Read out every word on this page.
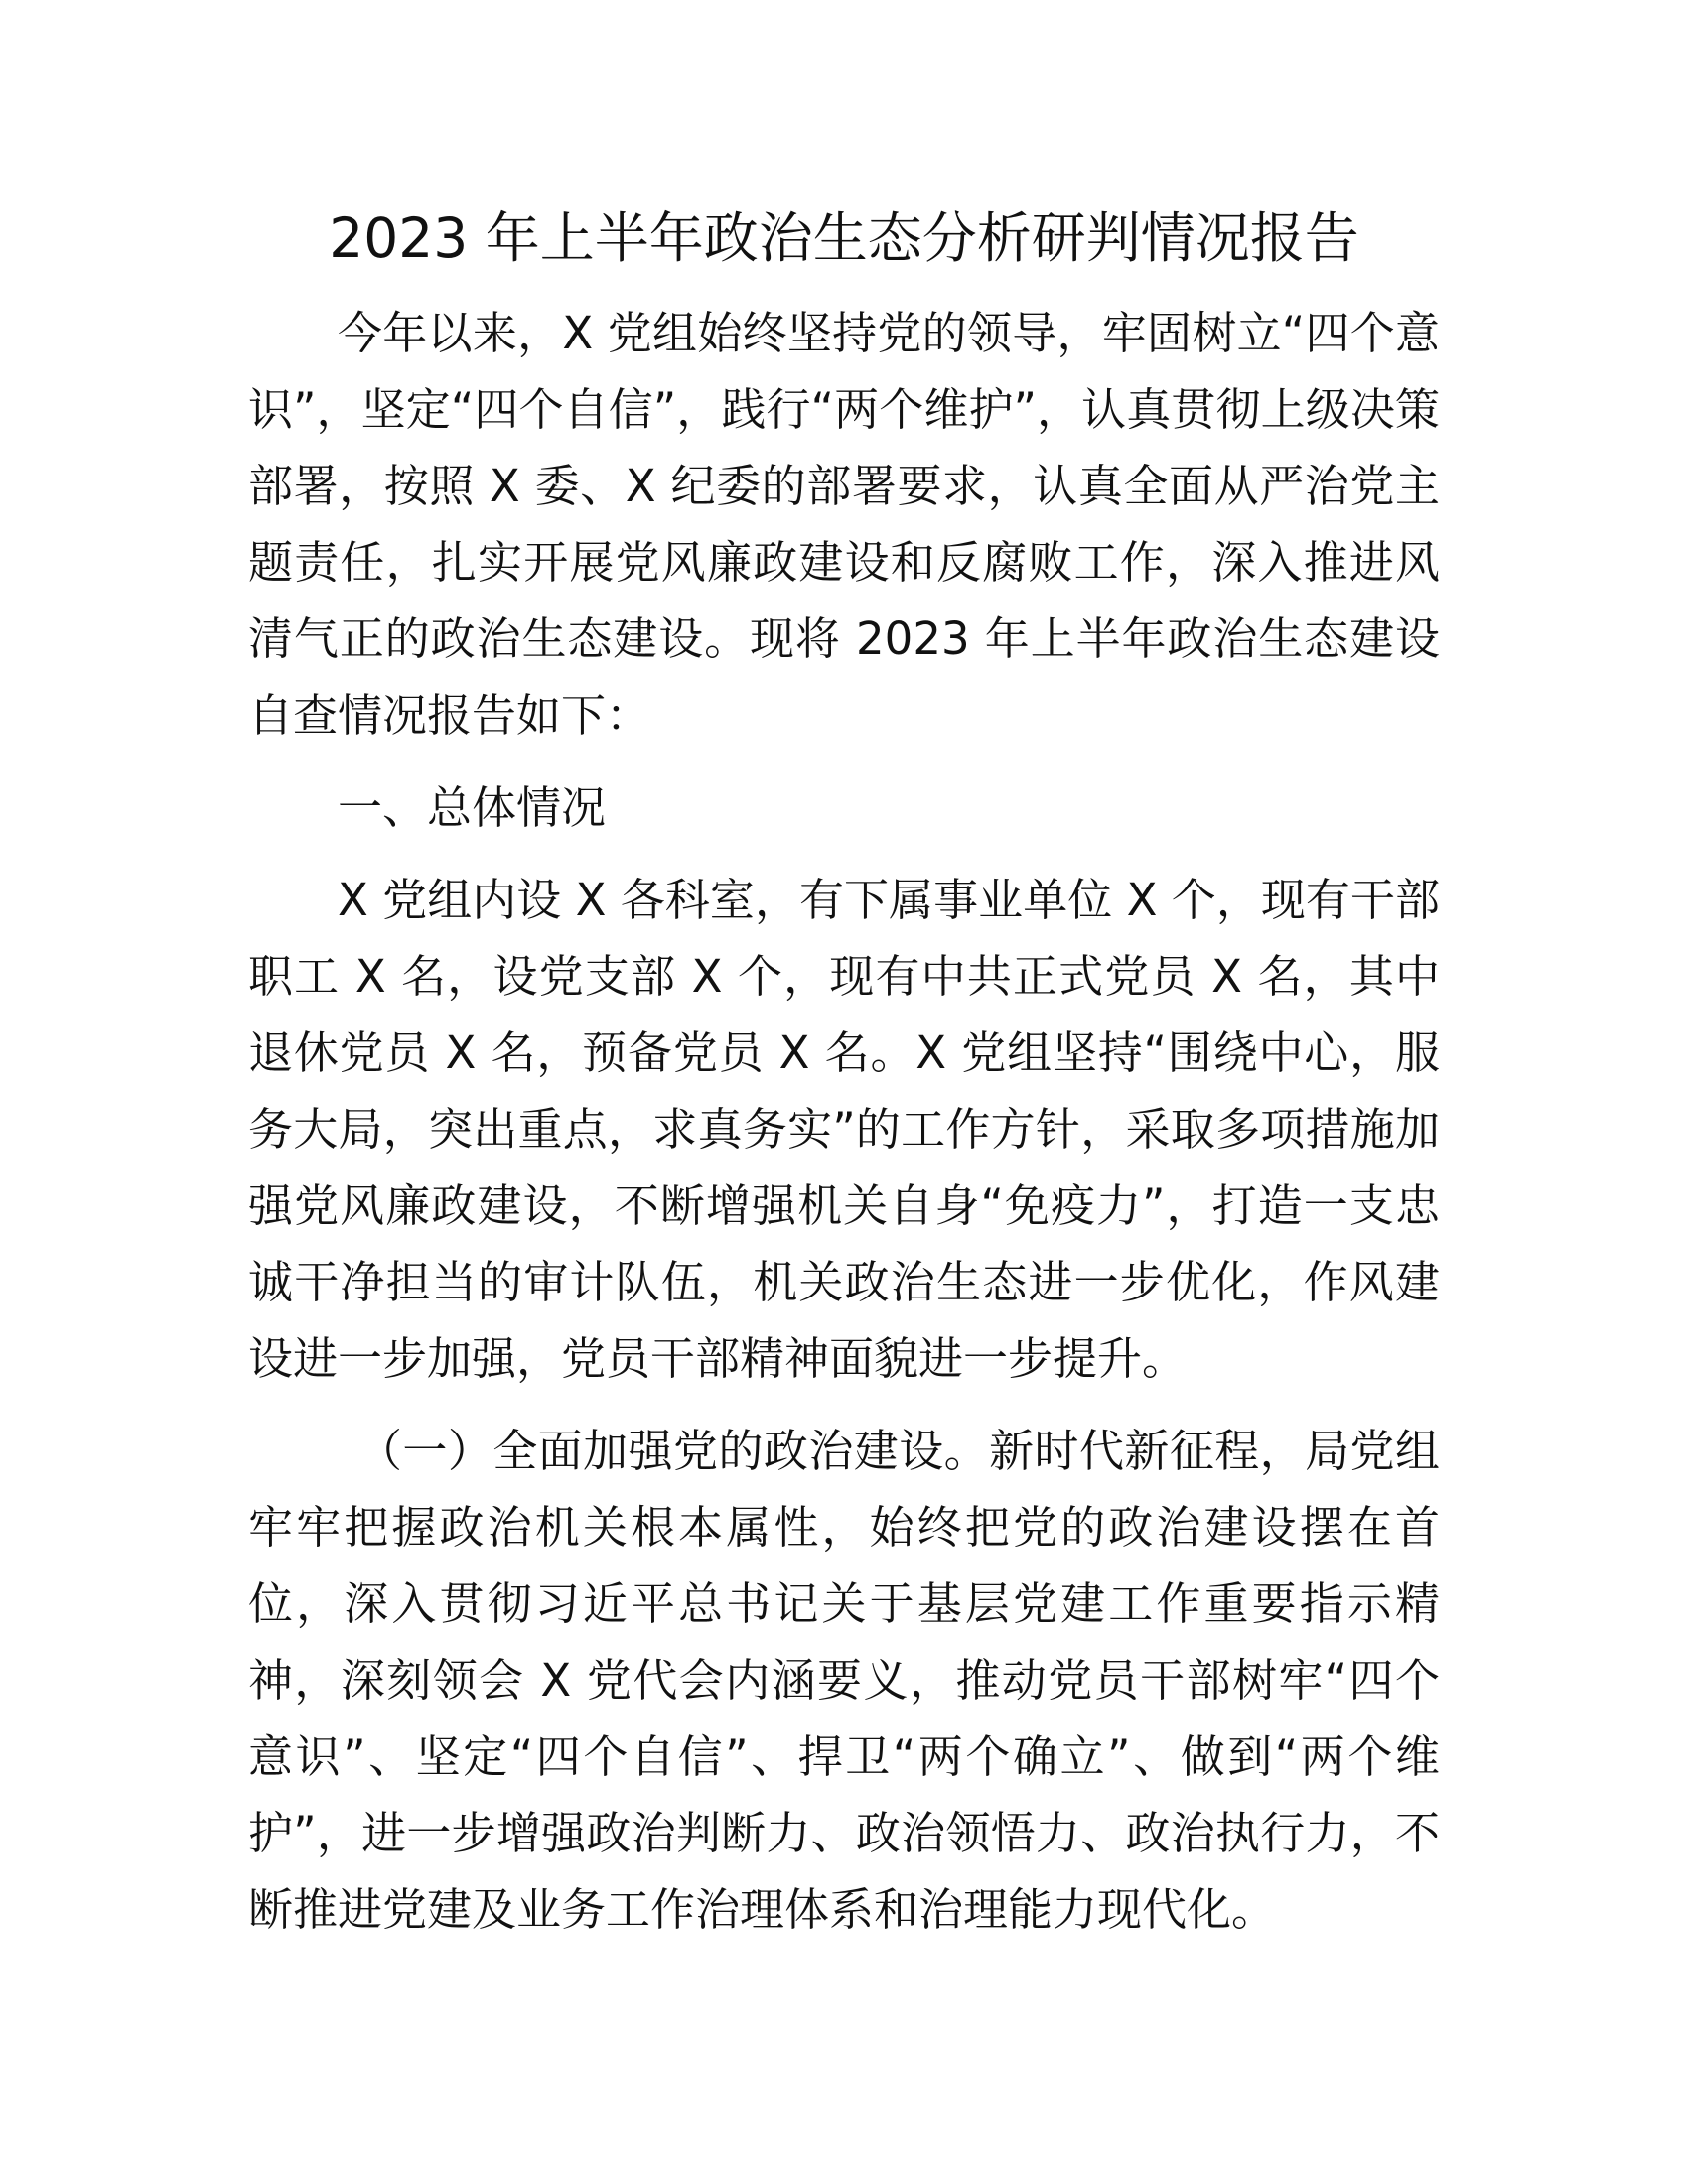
2023 年上半年政治生态分析研判情况报告

今年以来，X 党组始终坚持党的领导，牢固树立“四个意识”，坚定“四个自信”，践行“两个维护”，认真贯彻上级决策部署，按照 X 委、X 纪委的部署要求，认真全面从严治党主题责任，扎实开展党风廉政建设和反腐败工作，深入推进风清气正的政治生态建设。现将 2023 年上半年政治生态建设自查情况报告如下：

一、总体情况

X 党组内设 X 各科室，有下属事业单位 X 个，现有干部职工 X 名，设党支部 X 个，现有中共正式党员 X 名，其中退休党员 X 名，预备党员 X 名。X 党组坚持“围绕中心，服务大局，突出重点，求真务实”的工作方针，采取多项措施加强党风廉政建设，不断增强机关自身“免疫力”，打造一支忠诚干净担当的审计队伍，机关政治生态进一步优化，作风建设进一步加强，党员干部精神面貌进一步提升。

（一）全面加强党的政治建设。新时代新征程，局党组牢牢把握政治机关根本属性，始终把党的政治建设摆在首位，深入贯彻习近平总书记关于基层党建工作重要指示精神，深刻领会 X 党代会内涵要义，推动党员干部树牢“四个意识”、坚定“四个自信”、捍卫“两个确立”、做到“两个维护”，进一步增强政治判断力、政治领悟力、政治执行力，不断推进党建及业务工作治理体系和治理能力现代化。
